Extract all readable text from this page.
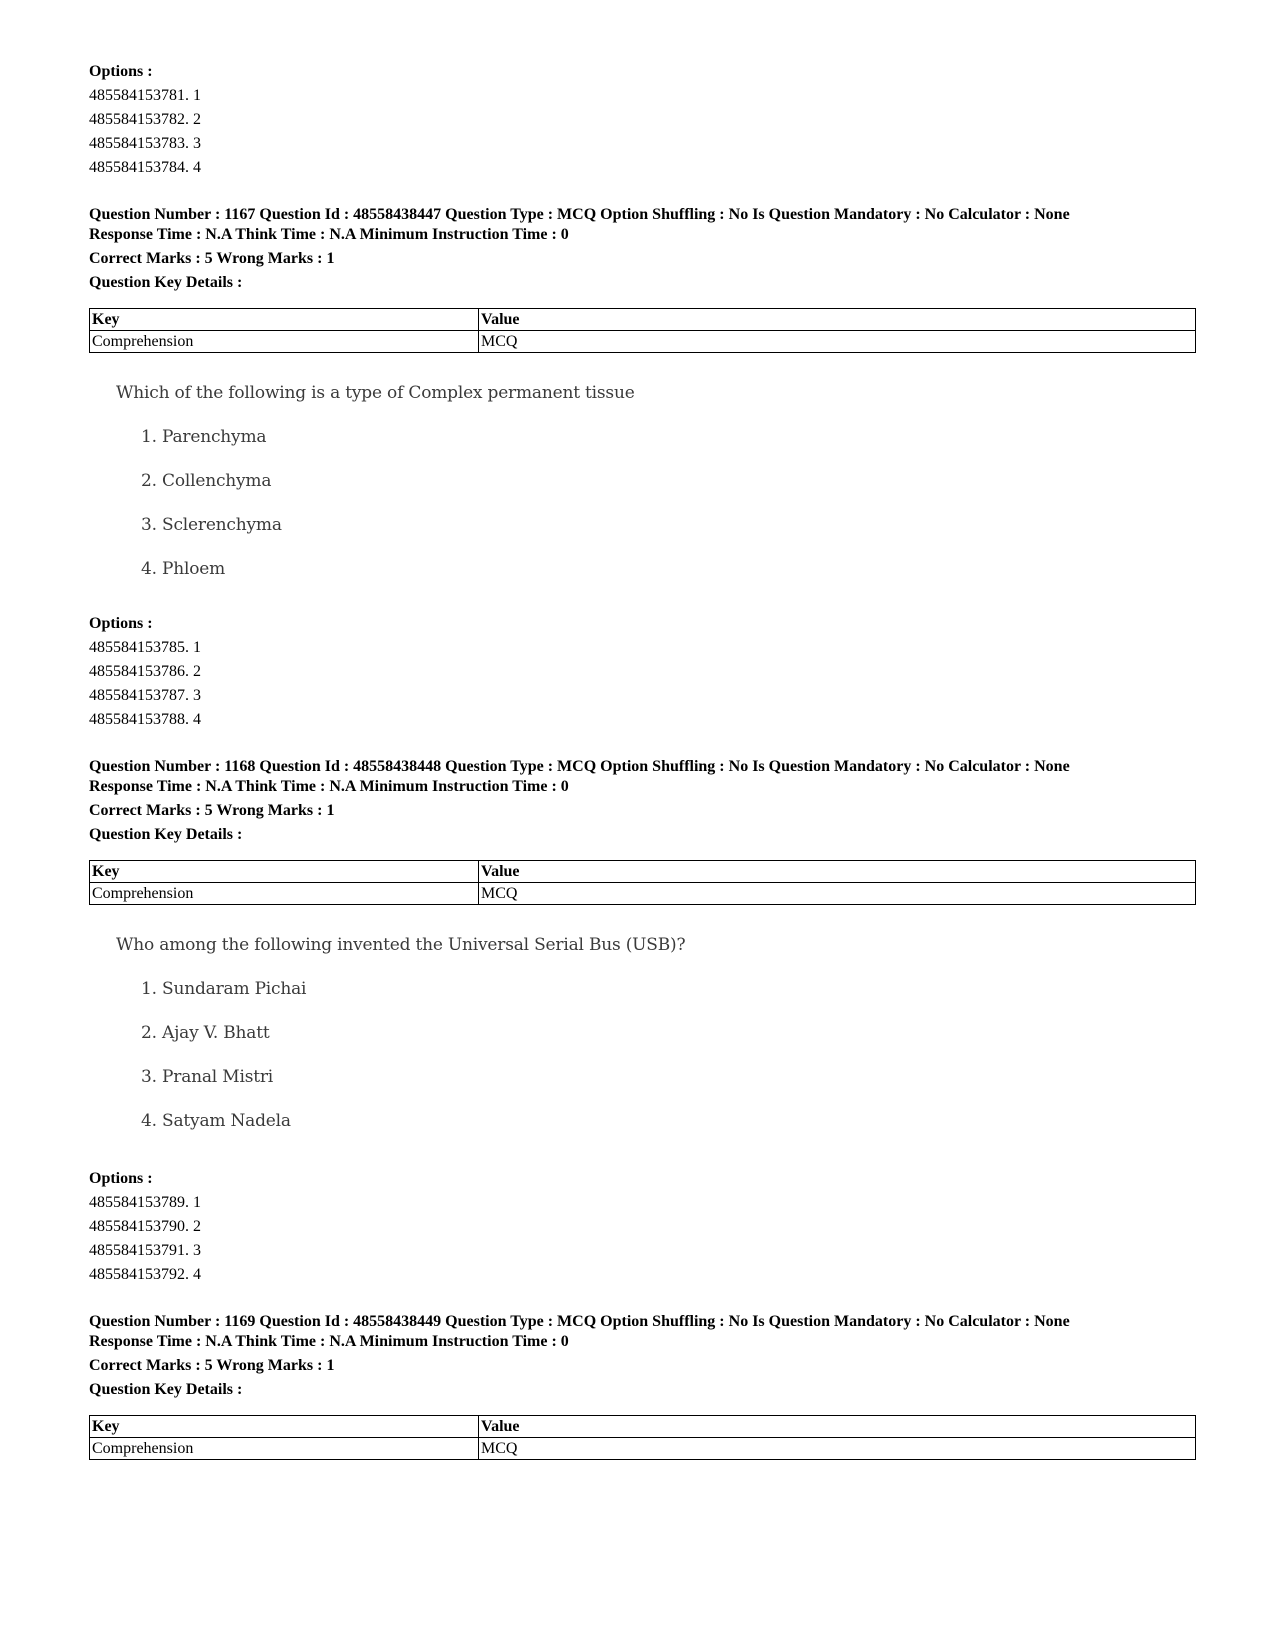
Options :
485584153781. 1
485584153782. 2
485584153783. 3
485584153784. 4
Question Number : 1167 Question Id : 48558438447 Question Type : MCQ Option Shuffling : No Is Question Mandatory : No Calculator : None
Response Time : N.A Think Time : N.A Minimum Instruction Time : 0
Correct Marks : 5 Wrong Marks : 1
Question Key Details :
Key	Value
Comprehension	MCQ
Which of the following is a type of Complex permanent tissue
1. Parenchyma
2. Collenchyma
3. Sclerenchyma
4. Phloem
Options :
485584153785. 1
485584153786. 2
485584153787. 3
485584153788. 4
Question Number : 1168 Question Id : 48558438448 Question Type : MCQ Option Shuffling : No Is Question Mandatory : No Calculator : None
Response Time : N.A Think Time : N.A Minimum Instruction Time : 0
Correct Marks : 5 Wrong Marks : 1
Question Key Details :
Key	Value
Comprehension	MCQ
Who among the following invented the Universal Serial Bus (USB)?
1. Sundaram Pichai
2. Ajay V. Bhatt
3. Pranal Mistri
4. Satyam Nadela
Options :
485584153789. 1
485584153790. 2
485584153791. 3
485584153792. 4
Question Number : 1169 Question Id : 48558438449 Question Type : MCQ Option Shuffling : No Is Question Mandatory : No Calculator : None
Response Time : N.A Think Time : N.A Minimum Instruction Time : 0
Correct Marks : 5 Wrong Marks : 1
Question Key Details :
Key	Value
Comprehension	MCQ
